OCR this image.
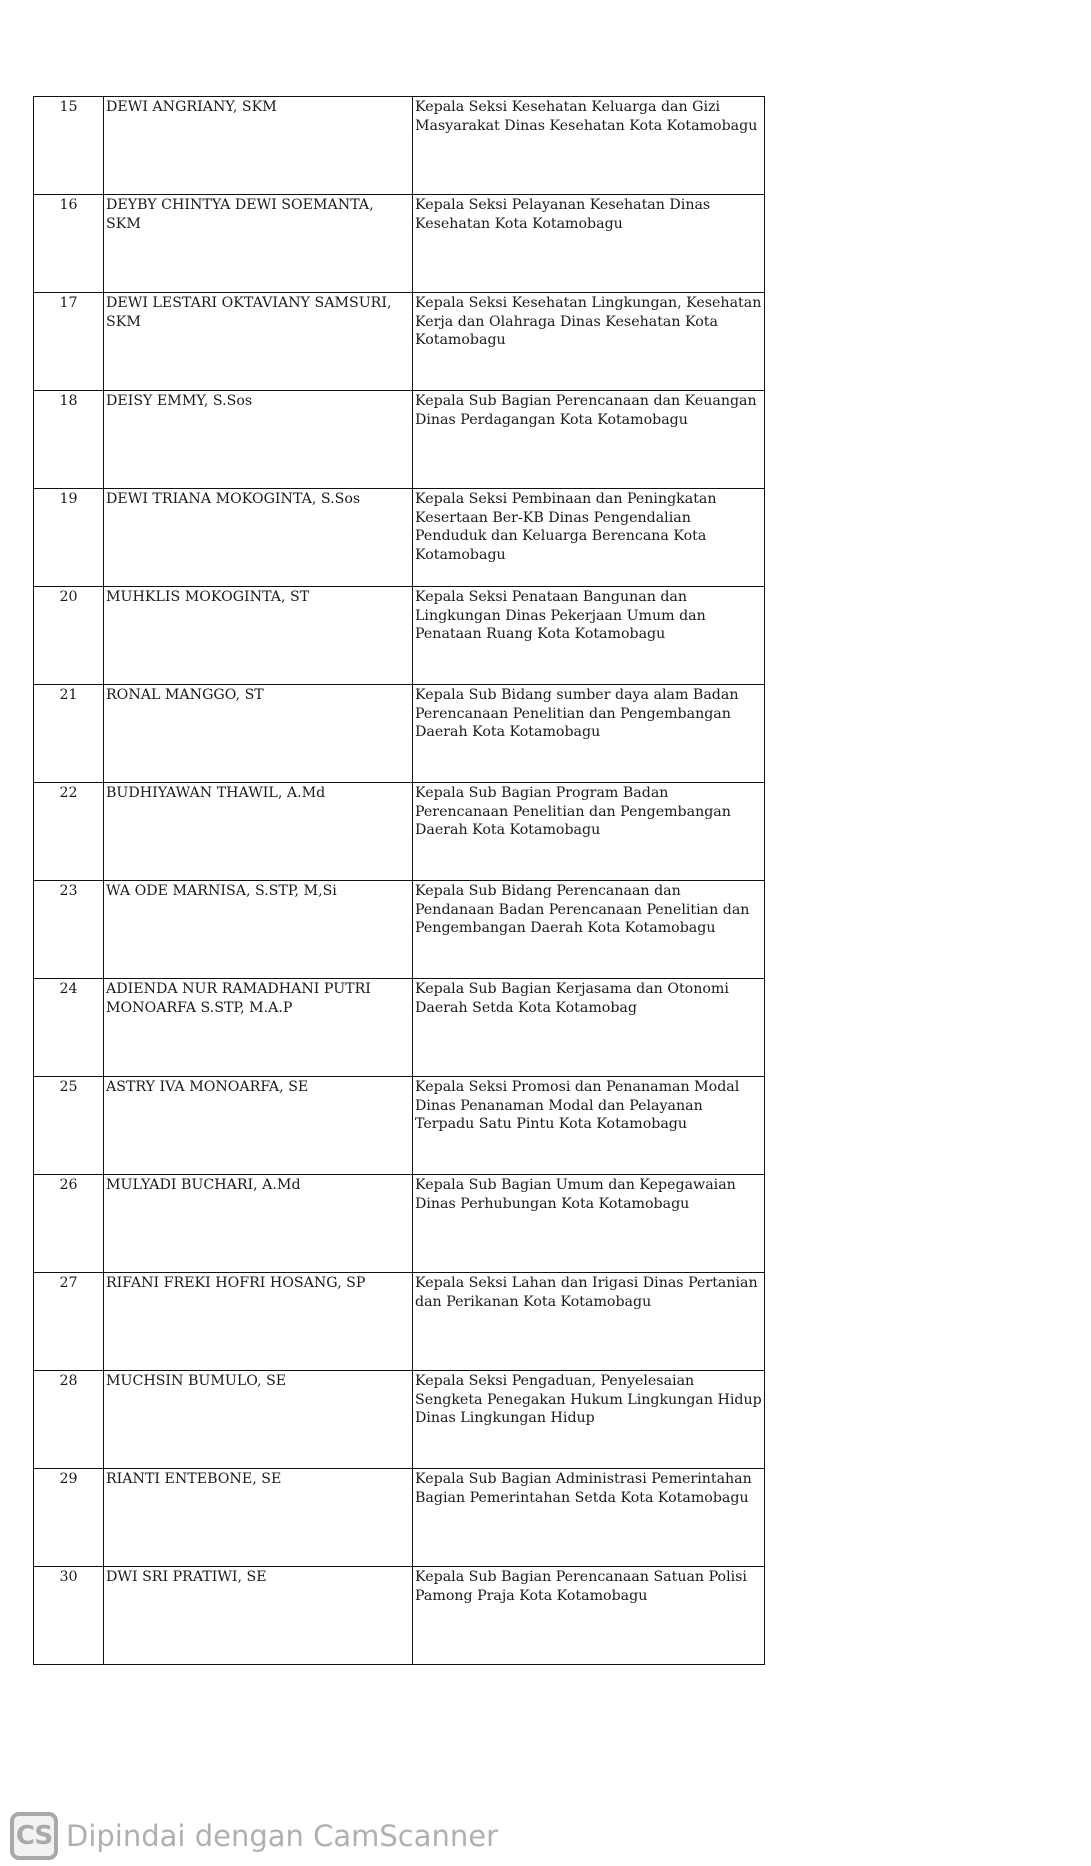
15	DEWI ANGRIANY, SKM	Kepala Seksi Kesehatan Keluarga dan Gizi Masyarakat Dinas Kesehatan Kota Kotamobagu
16	DEYBY CHINTYA DEWI SOEMANTA, SKM	Kepala Seksi Pelayanan Kesehatan Dinas Kesehatan Kota Kotamobagu
17	DEWI LESTARI OKTAVIANY SAMSURI, SKM	Kepala Seksi Kesehatan Lingkungan, Kesehatan Kerja dan Olahraga Dinas Kesehatan Kota Kotamobagu
18	DEISY EMMY, S.Sos	Kepala Sub Bagian Perencanaan dan Keuangan Dinas Perdagangan Kota Kotamobagu
19	DEWI TRIANA MOKOGINTA, S.Sos	Kepala Seksi Pembinaan dan Peningkatan Kesertaan Ber-KB Dinas Pengendalian Penduduk dan Keluarga Berencana Kota Kotamobagu
20	MUHKLIS MOKOGINTA, ST	Kepala Seksi Penataan Bangunan dan Lingkungan Dinas Pekerjaan Umum dan Penataan Ruang Kota Kotamobagu
21	RONAL MANGGO, ST	Kepala Sub Bidang sumber daya alam Badan Perencanaan Penelitian dan Pengembangan Daerah Kota Kotamobagu
22	BUDHIYAWAN THAWIL, A.Md	Kepala Sub Bagian Program Badan Perencanaan Penelitian dan Pengembangan Daerah Kota Kotamobagu
23	WA ODE MARNISA, S.STP, M,Si	Kepala Sub Bidang Perencanaan dan Pendanaan Badan Perencanaan Penelitian dan Pengembangan Daerah Kota Kotamobagu
24	ADIENDA NUR RAMADHANI PUTRI MONOARFA S.STP, M.A.P	Kepala Sub Bagian Kerjasama dan Otonomi Daerah Setda Kota Kotamobag
25	ASTRY IVA MONOARFA, SE	Kepala Seksi Promosi dan Penanaman Modal Dinas Penanaman Modal dan Pelayanan Terpadu Satu Pintu Kota Kotamobagu
26	MULYADI BUCHARI, A.Md	Kepala Sub Bagian Umum dan Kepegawaian Dinas Perhubungan Kota Kotamobagu
27	RIFANI FREKI HOFRI HOSANG, SP	Kepala Seksi Lahan dan Irigasi Dinas Pertanian dan Perikanan Kota Kotamobagu
28	MUCHSIN BUMULO, SE	Kepala Seksi Pengaduan, Penyelesaian Sengketa Penegakan Hukum Lingkungan Hidup Dinas Lingkungan Hidup
29	RIANTI ENTEBONE, SE	Kepala Sub Bagian Administrasi Pemerintahan Bagian Pemerintahan Setda Kota Kotamobagu
30	DWI SRI PRATIWI, SE	Kepala Sub Bagian Perencanaan Satuan Polisi Pamong Praja Kota Kotamobagu
CS Dipindai dengan CamScanner
